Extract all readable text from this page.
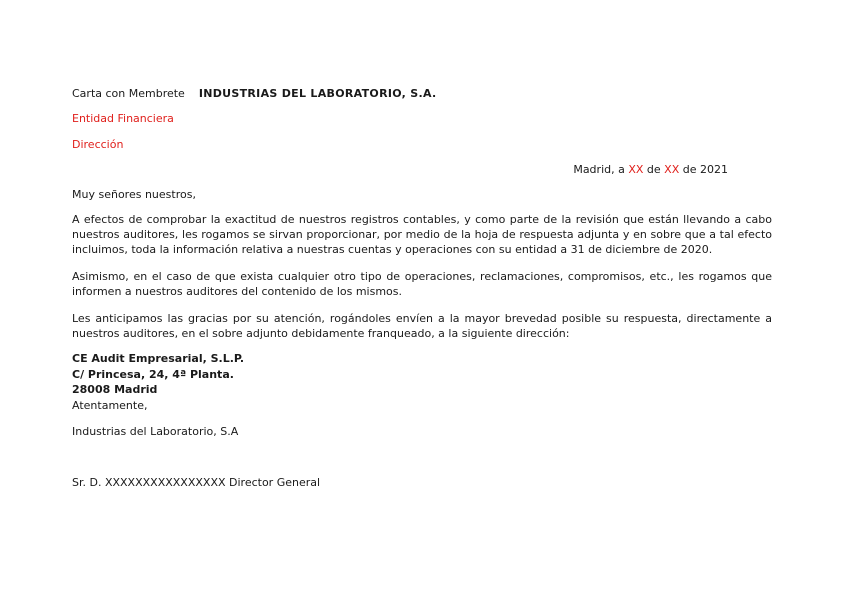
Carta con Membrete INDUSTRIAS DEL LABORATORIO, S.A.
Entidad Financiera
Dirección
Madrid, a XX de XX de 2021
Muy señores nuestros,
A efectos de comprobar la exactitud de nuestros registros contables, y como parte de la revisión que están llevando a cabo nuestros auditores, les rogamos se sirvan proporcionar, por medio de la hoja de respuesta adjunta y en sobre que a tal efecto incluimos, toda la información relativa a nuestras cuentas y operaciones con su entidad a 31 de diciembre de 2020.
Asimismo, en el caso de que exista cualquier otro tipo de operaciones, reclamaciones, compromisos, etc., les rogamos que informen a nuestros auditores del contenido de los mismos.
Les anticipamos las gracias por su atención, rogándoles envíen a la mayor brevedad posible su respuesta, directamente a nuestros auditores, en el sobre adjunto debidamente franqueado, a la siguiente dirección:
CE Audit Empresarial, S.L.P.
C/ Princesa, 24, 4ª Planta.
28008 Madrid
Atentamente,
Industrias del Laboratorio, S.A
Sr. D. XXXXXXXXXXXXXXXX Director General
